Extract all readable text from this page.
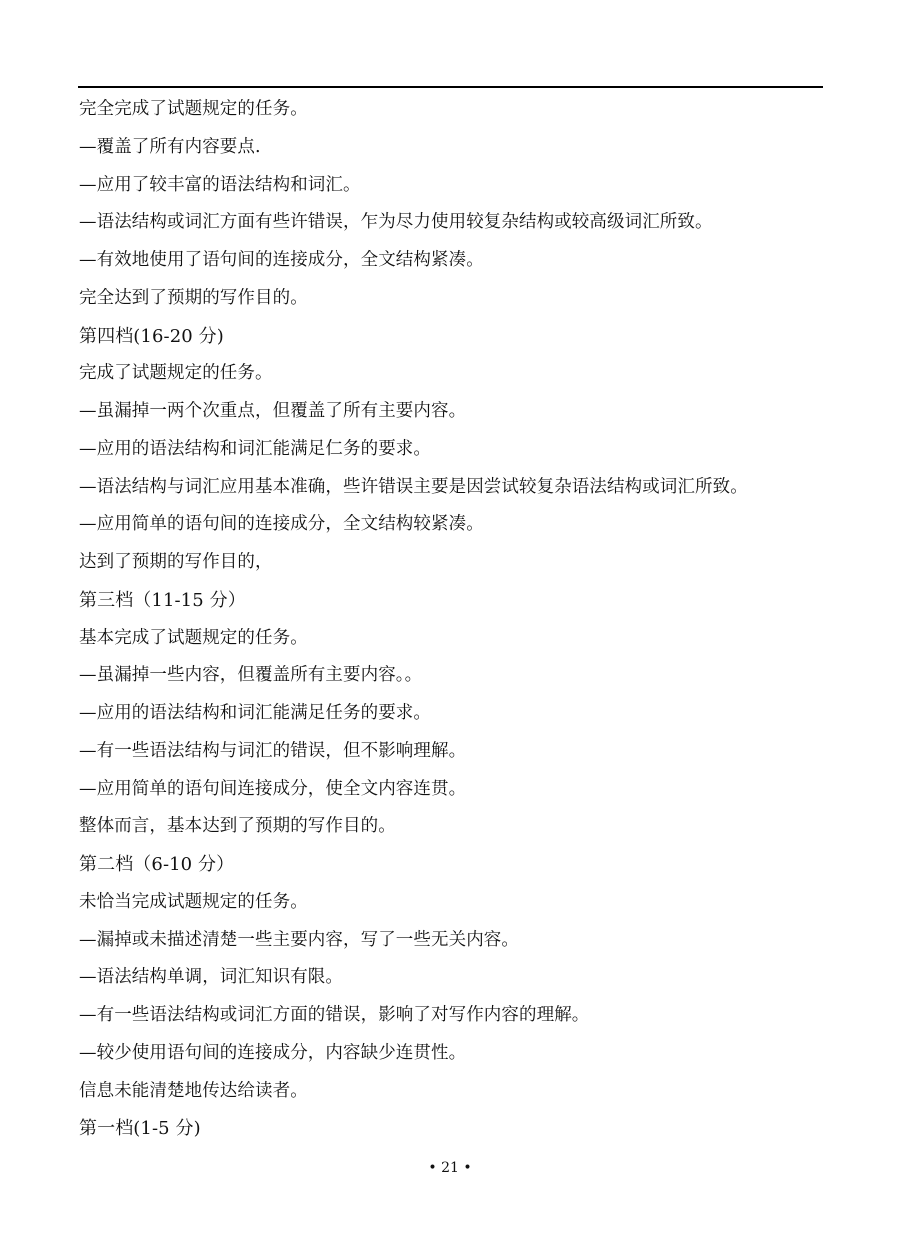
完全完成了试题规定的任务。
—覆盖了所有内容要点.
—应用了较丰富的语法结构和词汇。
—语法结构或词汇方面有些许错误，乍为尽力使用较复杂结构或较高级词汇所致。
—有效地使用了语句间的连接成分，全文结构紧凑。
完全达到了预期的写作目的。
第四档(16-20 分)
完成了试题规定的任务。
—虽漏掉一两个次重点，但覆盖了所有主要内容。
—应用的语法结构和词汇能满足仁务的要求。
—语法结构与词汇应用基本准确，些许错误主要是因尝试较复杂语法结构或词汇所致。
—应用简单的语句间的连接成分，全文结构较紧凑。
达到了预期的写作目的，
第三档（11-15 分）
基本完成了试题规定的任务。
—虽漏掉一些内容，但覆盖所有主要内容。。
—应用的语法结构和词汇能满足任务的要求。
—有一些语法结构与词汇的错误，但不影响理解。
—应用简单的语句间连接成分，使全文内容连贯。
整体而言，基本达到了预期的写作目的。
第二档（6-10 分）
未恰当完成试题规定的任务。
—漏掉或未描述清楚一些主要内容，写了一些无关内容。
—语法结构单调，词汇知识有限。
—有一些语法结构或词汇方面的错误，影响了对写作内容的理解。
—较少使用语句间的连接成分，内容缺少连贯性。
信息未能清楚地传达给读者。
第一档(1-5 分)
• 21 •
